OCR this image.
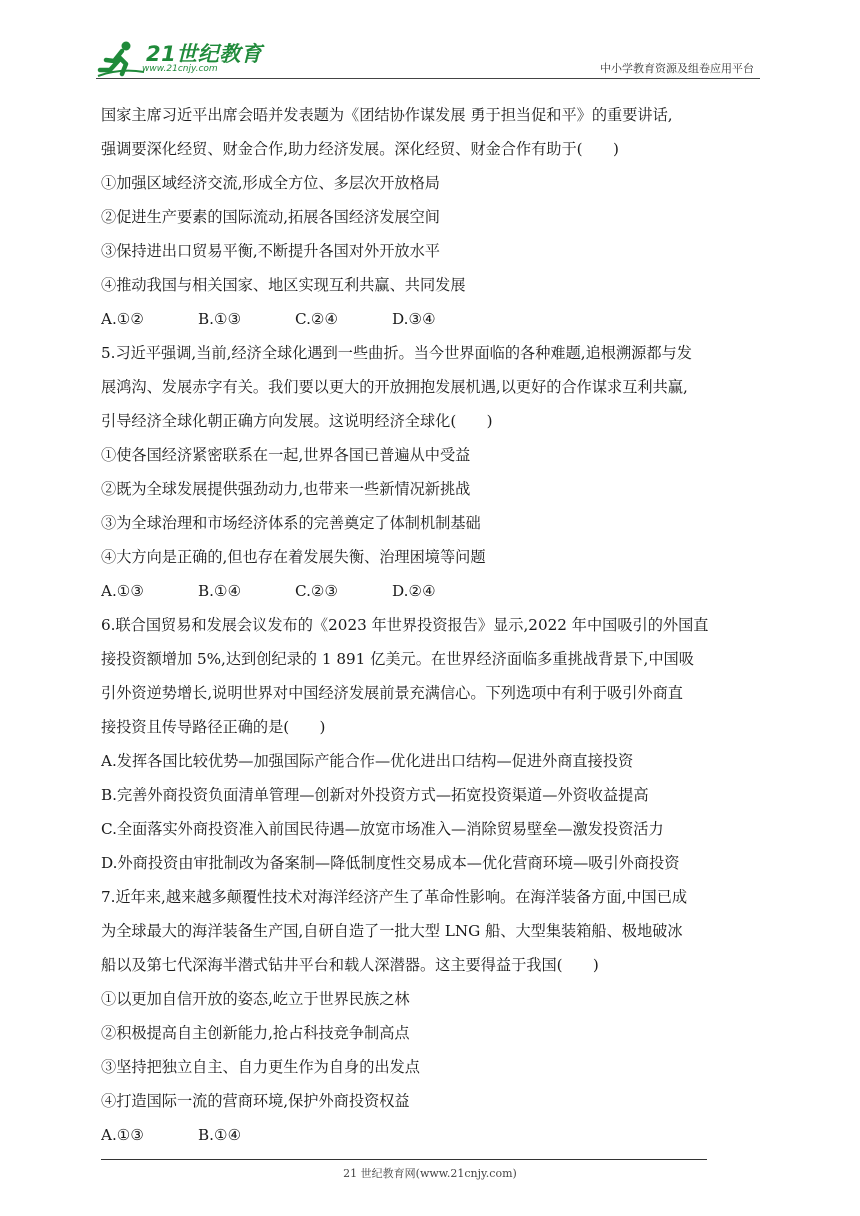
21世纪教育
www.21cnjy.com	中小学教育资源及组卷应用平台
国家主席习近平出席会晤并发表题为《团结协作谋发展 勇于担当促和平》的重要讲话,
强调要深化经贸、财金合作,助力经济发展。深化经贸、财金合作有助于(　　)
①加强区域经济交流,形成全方位、多层次开放格局
②促进生产要素的国际流动,拓展各国经济发展空间
③保持进出口贸易平衡,不断提升各国对外开放水平
④推动我国与相关国家、地区实现互利共赢、共同发展
A.①②	B.①③	C.②④	D.③④
5.习近平强调,当前,经济全球化遇到一些曲折。当今世界面临的各种难题,追根溯源都与发
展鸿沟、发展赤字有关。我们要以更大的开放拥抱发展机遇,以更好的合作谋求互利共赢,
引导经济全球化朝正确方向发展。这说明经济全球化(　　)
①使各国经济紧密联系在一起,世界各国已普遍从中受益
②既为全球发展提供强劲动力,也带来一些新情况新挑战
③为全球治理和市场经济体系的完善奠定了体制机制基础
④大方向是正确的,但也存在着发展失衡、治理困境等问题
A.①③	B.①④	C.②③	D.②④
6.联合国贸易和发展会议发布的《2023 年世界投资报告》显示,2022 年中国吸引的外国直
接投资额增加 5%,达到创纪录的 1 891 亿美元。在世界经济面临多重挑战背景下,中国吸
引外资逆势增长,说明世界对中国经济发展前景充满信心。下列选项中有利于吸引外商直
接投资且传导路径正确的是(　　)
A.发挥各国比较优势—加强国际产能合作—优化进出口结构—促进外商直接投资
B.完善外商投资负面清单管理—创新对外投资方式—拓宽投资渠道—外资收益提高
C.全面落实外商投资准入前国民待遇—放宽市场准入—消除贸易壁垒—激发投资活力
D.外商投资由审批制改为备案制—降低制度性交易成本—优化营商环境—吸引外商投资
7.近年来,越来越多颠覆性技术对海洋经济产生了革命性影响。在海洋装备方面,中国已成
为全球最大的海洋装备生产国,自研自造了一批大型 LNG 船、大型集装箱船、极地破冰
船以及第七代深海半潜式钻井平台和载人深潜器。这主要得益于我国(　　)
①以更加自信开放的姿态,屹立于世界民族之林
②积极提高自主创新能力,抢占科技竞争制高点
③坚持把独立自主、自力更生作为自身的出发点
④打造国际一流的营商环境,保护外商投资权益
A.①③	B.①④
21 世纪教育网(www.21cnjy.com)
